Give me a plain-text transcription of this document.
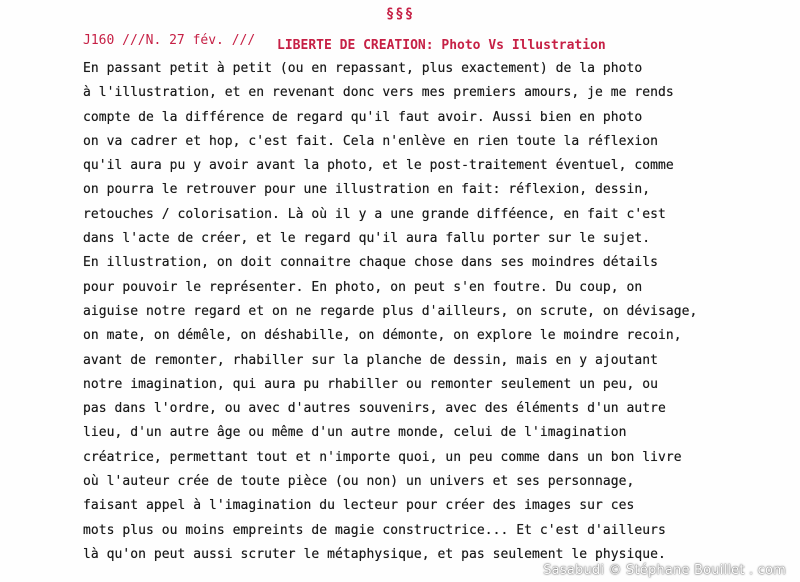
§§§
J160 ///N. 27 fév. /// LIBERTE DE CREATION: Photo Vs Illustration
En passant petit à petit (ou en repassant, plus exactement) de la photo
à l'illustration, et en revenant donc vers mes premiers amours, je me rends
compte de la différence de regard qu'il faut avoir. Aussi bien en photo
on va cadrer et hop, c'est fait. Cela n'enlève en rien toute la réflexion
qu'il aura pu y avoir avant la photo, et le post-traitement éventuel, comme
on pourra le retrouver pour une illustration en fait: réflexion, dessin,
retouches / colorisation. Là où il y a une grande difféence, en fait c'est
dans l'acte de créer, et le regard qu'il aura fallu porter sur le sujet.
En illustration, on doit connaitre chaque chose dans ses moindres détails
pour pouvoir le représenter. En photo, on peut s'en foutre. Du coup, on
aiguise notre regard et on ne regarde plus d'ailleurs, on scrute, on dévisage,
on mate, on démêle, on déshabille, on démonte, on explore le moindre recoin,
avant de remonter, rhabiller sur la planche de dessin, mais en y ajoutant
notre imagination, qui aura pu rhabiller ou remonter seulement un peu, ou
pas dans l'ordre, ou avec d'autres souvenirs, avec des éléments d'un autre
lieu, d'un autre âge ou même d'un autre monde, celui de l'imagination
créatrice, permettant tout et n'importe quoi, un peu comme dans un bon livre
où l'auteur crée de toute pièce (ou non) un univers et ses personnage,
faisant appel à l'imagination du lecteur pour créer des images sur ces
mots plus ou moins empreints de magie constructrice... Et c'est d'ailleurs
là qu'on peut aussi scruter le métaphysique, et pas seulement le physique.
Sasabudi © Stéphane Bouillet . com
